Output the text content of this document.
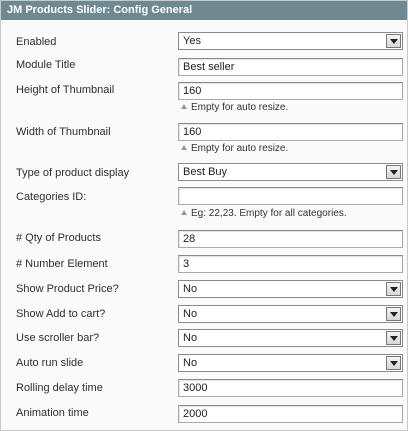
JM Products Slider: Config General
Enabled	Yes
Module Title	Best seller
Height of Thumbnail	160
Empty for auto resize.
Width of Thumbnail	160
Empty for auto resize.
Type of product display	Best Buy
Categories ID:
Eg: 22,23. Empty for all categories.
# Qty of Products	28
# Number Element	3
Show Product Price?	No
Show Add to cart?	No
Use scroller bar?	No
Auto run slide	No
Rolling delay time	3000
Animation time	2000
